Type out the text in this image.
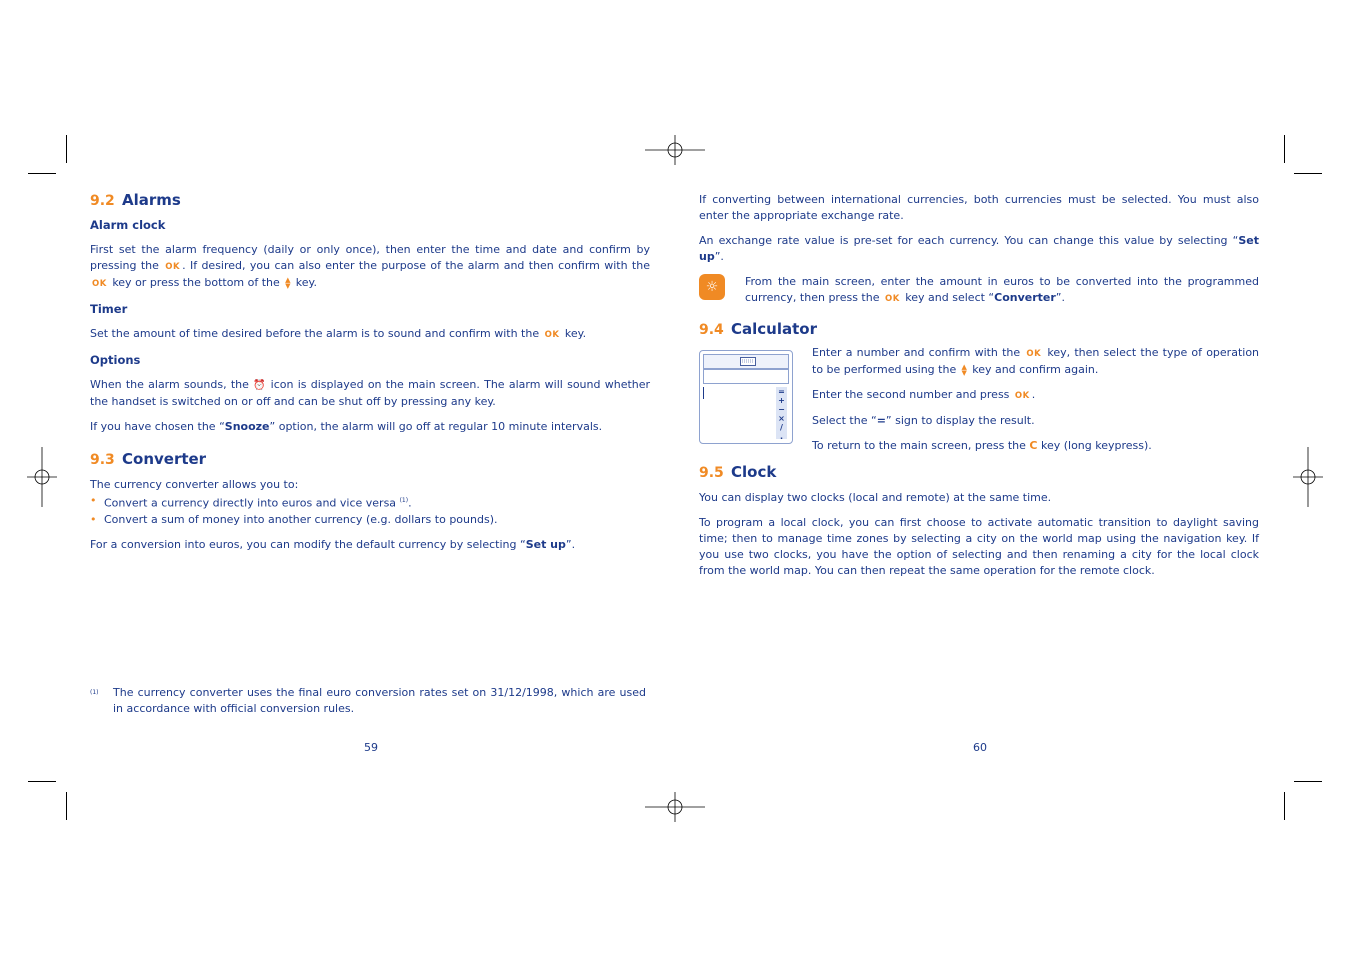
9.2 Alarms
Alarm clock

First set the alarm frequency (daily or only once), then enter the time and date and confirm by pressing the OK . If desired, you can also enter the purpose of the alarm and then confirm with the OK key or press the bottom of the ▲
▼ key.

Timer

Set the amount of time desired before the alarm is to sound and confirm with the OK key.

Options

When the alarm sounds, the ⏰ icon is displayed on the main screen. The alarm will sound whether the handset is switched on or off and can be shut off by pressing any key.

If you have chosen the “Snooze” option, the alarm will go off at regular 10 minute intervals.

9.3 Converter

The currency converter allows you to:

• Convert a currency directly into euros and vice versa $^{(1)}$.
• Convert a sum of money into another currency (e.g. dollars to pounds).

For a conversion into euros, you can modify the default currency by selecting “Set up”.

(1)	The currency converter uses the final euro conversion rates set on 31/12/1998, which are used in accordance with official conversion rules.

59

If converting between international currencies, both currencies must be selected. You must also enter the appropriate exchange rate.

An exchange rate value is pre-set for each currency. You can change this value by selecting “Set up”.

☼	From the main screen, enter the amount in euros to be converted into the programmed currency, then press the OK key and select “Converter”.

9.4 Calculator
=
+
−
×
/
.

Enter a number and confirm with the OK key, then select the type of operation to be performed using the ▲
▼ key and confirm again.

Enter the second number and press OK .

Select the “=” sign to display the result.

To return to the main screen, press the C key (long keypress).

9.5 Clock

You can display two clocks (local and remote) at the same time.

To program a local clock, you can first choose to activate automatic transition to daylight saving time; then to manage time zones by selecting a city on the world map using the navigation key. If you use two clocks, you have the option of selecting and then renaming a city for the local clock from the world map. You can then repeat the same operation for the remote clock.

60
